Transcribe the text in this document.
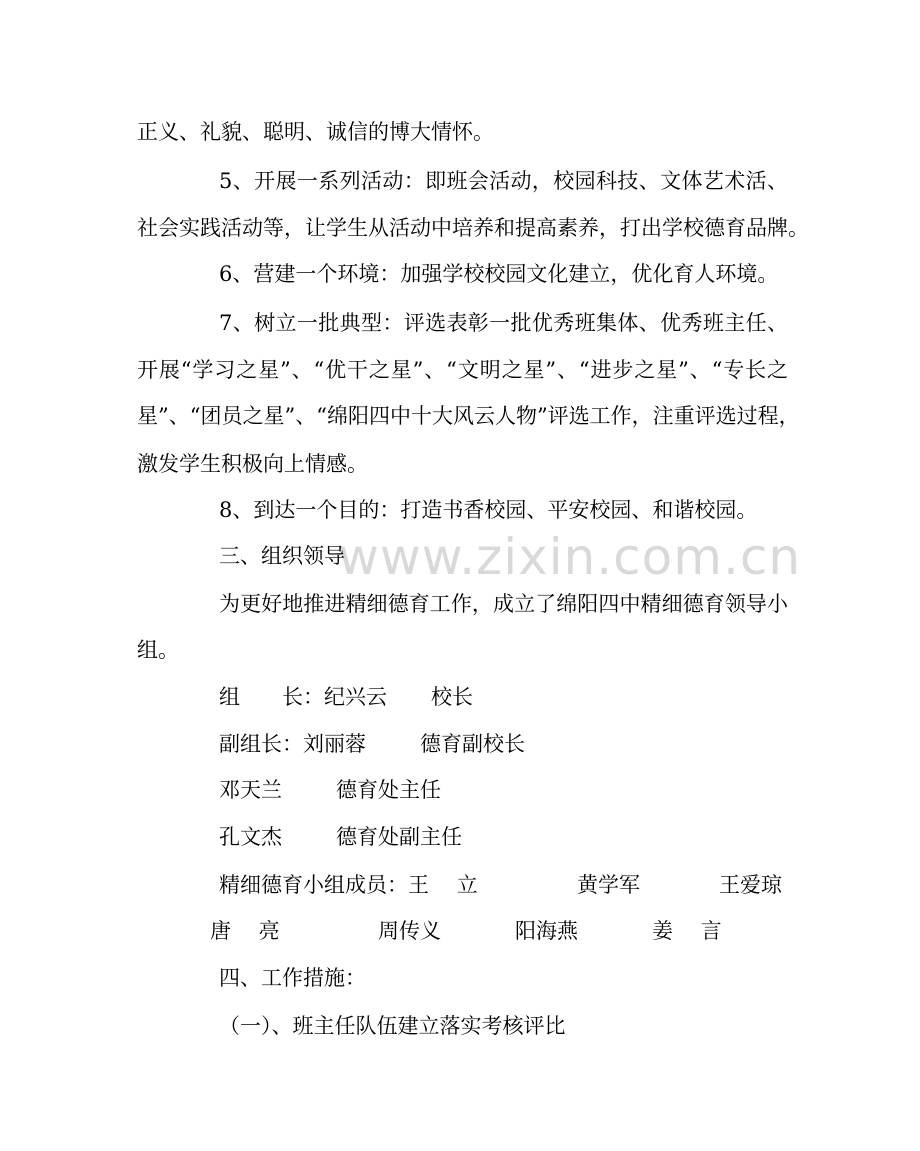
www.zixin.com.cn

正义、礼貌、聪明、诚信的博大情怀。

5、开展一系列活动：即班会活动，校园科技、文体艺术活、

社会实践活动等，让学生从活动中培养和提高素养，打出学校德育品牌。

6、营建一个环境：加强学校校园文化建立，优化育人环境。

7、树立一批典型：评选表彰一批优秀班集体、优秀班主任、

开展“学习之星”、“优干之星”、“文明之星”、“进步之星”、“专长之

星”、“团员之星”、“绵阳四中十大风云人物”评选工作，注重评选过程，

激发学生积极向上情感。

8、到达一个目的：打造书香校园、平安校园、和谐校园。

三、组织领导

为更好地推进精细德育工作，成立了绵阳四中精细德育领导小

组。

组　　长：纪兴云 校长
副组长：刘丽蓉	德育副校长
邓天兰	德育处主任
孔文杰	德育处副主任
精细德育小组成员：王　 立	黄学军	王爱琼
唐　 亮	周传义	阳海燕	姜　 言

四、工作措施：

（一）、班主任队伍建立落实考核评比
